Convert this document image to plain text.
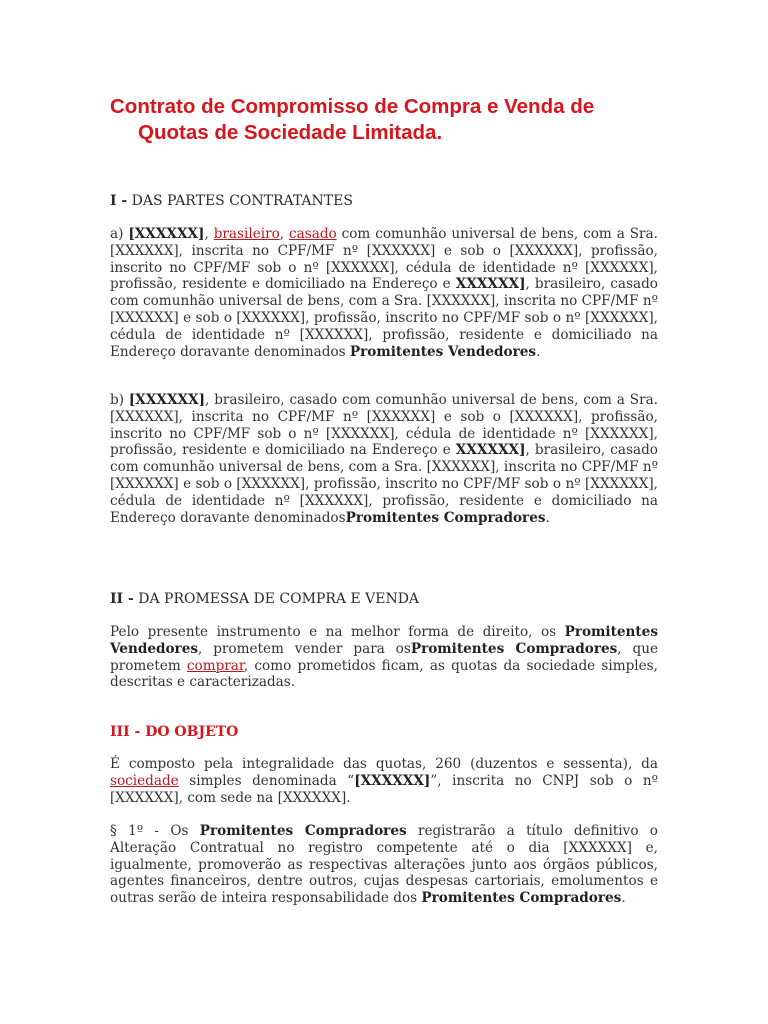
Contrato de Compromisso de Compra e Venda de
Quotas de Sociedade Limitada.
I - DAS PARTES CONTRATANTES

a) [XXXXXX], brasileiro, casado com comunhão universal de bens, com a Sra. [XXXXXX], inscrita no CPF/MF nº [XXXXXX] e sob o [XXXXXX], profissão, inscrito no CPF/MF sob o nº [XXXXXX], cédula de identidade nº [XXXXXX], profissão, residente e domiciliado na Endereço e XXXXXX], brasileiro, casado com comunhão universal de bens, com a Sra. [XXXXXX], inscrita no CPF/MF nº [XXXXXX] e sob o [XXXXXX], profissão, inscrito no CPF/MF sob o nº [XXXXXX], cédula de identidade nº [XXXXXX], profissão, residente e domiciliado na Endereço doravante denominados Promitentes Vendedores.

b) [XXXXXX], brasileiro, casado com comunhão universal de bens, com a Sra. [XXXXXX], inscrita no CPF/MF nº [XXXXXX] e sob o [XXXXXX], profissão, inscrito no CPF/MF sob o nº [XXXXXX], cédula de identidade nº [XXXXXX], profissão, residente e domiciliado na Endereço e XXXXXX], brasileiro, casado com comunhão universal de bens, com a Sra. [XXXXXX], inscrita no CPF/MF nº [XXXXXX] e sob o [XXXXXX], profissão, inscrito no CPF/MF sob o nº [XXXXXX], cédula de identidade nº [XXXXXX], profissão, residente e domiciliado na Endereço doravante denominadosPromitentes Compradores.

II - DA PROMESSA DE COMPRA E VENDA

Pelo presente instrumento e na melhor forma de direito, os Promitentes Vendedores, prometem vender para osPromitentes Compradores, que prometem comprar, como prometidos ficam, as quotas da sociedade simples, descritas e caracterizadas.

III - DO OBJETO

É composto pela integralidade das quotas, 260 (duzentos e sessenta), da sociedade simples denominada “[XXXXXX]”, inscrita no CNPJ sob o nº [XXXXXX], com sede na [XXXXXX].

§ 1º - Os Promitentes Compradores registrarão a título definitivo o Alteração Contratual no registro competente até o dia [XXXXXX] e, igualmente, promoverão as respectivas alterações junto aos órgãos públicos, agentes financeiros, dentre outros, cujas despesas cartoriais, emolumentos e outras serão de inteira responsabilidade dos Promitentes Compradores.
